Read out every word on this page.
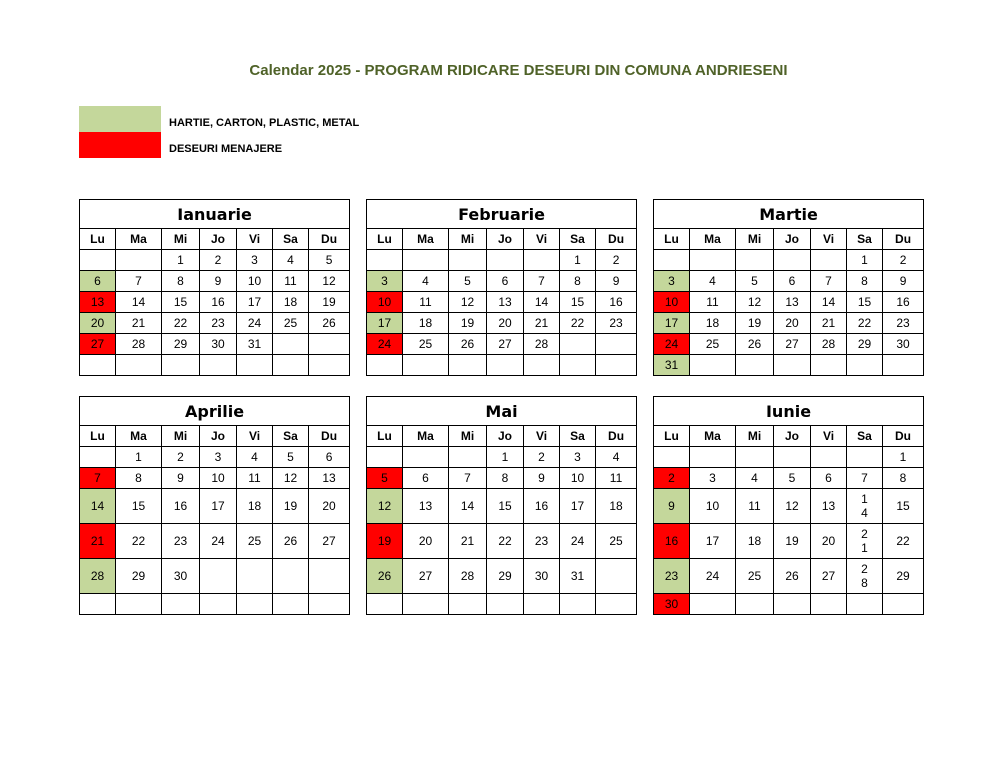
Calendar 2025 - PROGRAM RIDICARE DESEURI DIN COMUNA ANDRIESENI
HARTIE, CARTON, PLASTIC, METAL
DESEURI MENAJERE
Ianuarie						
Lu	Ma	Mi	Jo	Vi	Sa	Du
		1	2	3	4	5
6	7	8	9	10	11	12
13	14	15	16	17	18	19
20	21	22	23	24	25	26
27	28	29	30	31		

Februarie						
Lu	Ma	Mi	Jo	Vi	Sa	Du
					1	2
3	4	5	6	7	8	9
10	11	12	13	14	15	16
17	18	19	20	21	22	23
24	25	26	27	28		

Martie						
Lu	Ma	Mi	Jo	Vi	Sa	Du
					1	2
3	4	5	6	7	8	9
10	11	12	13	14	15	16
17	18	19	20	21	22	23
24	25	26	27	28	29	30
31						
Aprilie						
Lu	Ma	Mi	Jo	Vi	Sa	Du
	1	2	3	4	5	6
7	8	9	10	11	12	13
14	15	16	17	18	19	20
21	22	23	24	25	26	27
28	29	30				

Mai						
Lu	Ma	Mi	Jo	Vi	Sa	Du
			1	2	3	4
5	6	7	8	9	10	11
12	13	14	15	16	17	18
19	20	21	22	23	24	25
26	27	28	29	30	31	

Iunie						
Lu	Ma	Mi	Jo	Vi	Sa	Du
						1
2	3	4	5	6	7	8
9	10	11	12	13	14	15
16	17	18	19	20	21	22
23	24	25	26	27	28	29
30						
